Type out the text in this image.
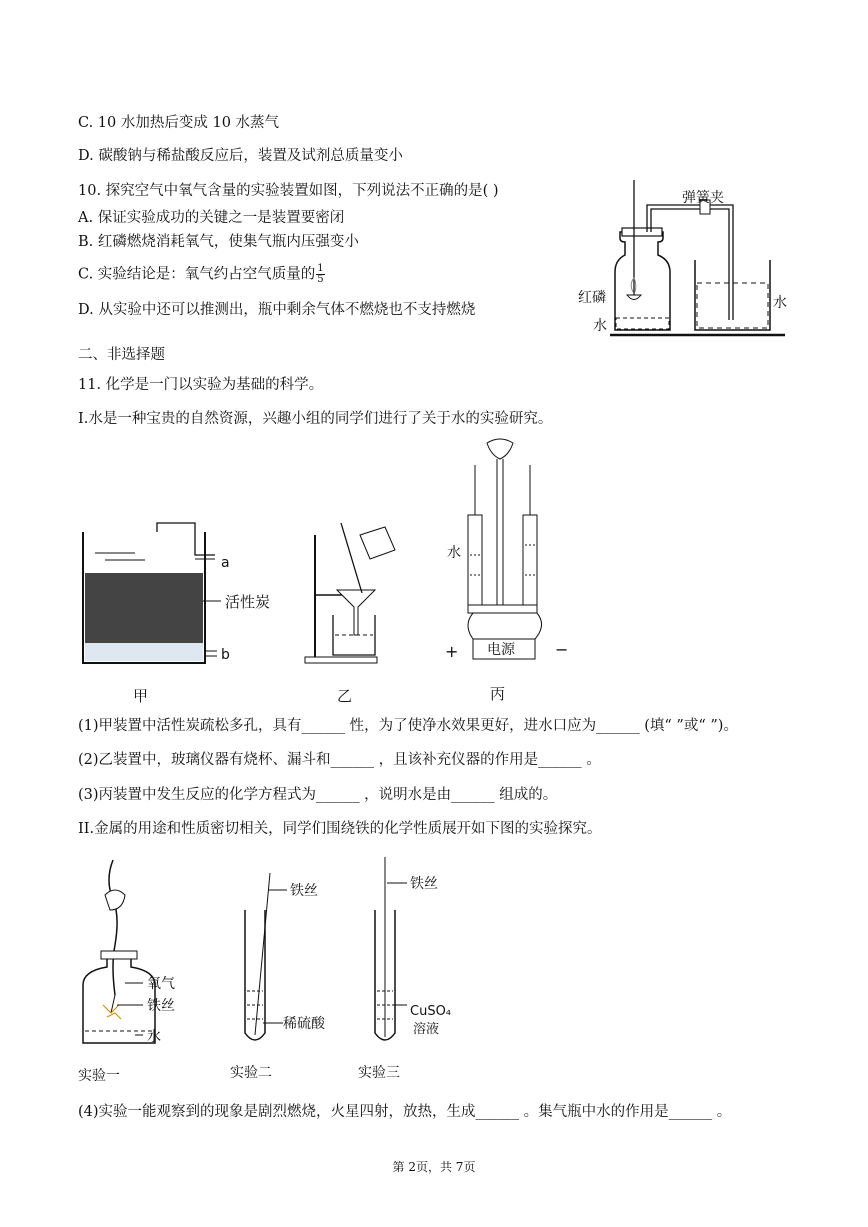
C. 10 水加热后变成 10 水蒸气
D. 碳酸钠与稀盐酸反应后，装置及试剂总质量变小
10. 探究空气中氧气含量的实验装置如图，下列说法不正确的是( )
A. 保证实验成功的关键之一是装置要密闭
B. 红磷燃烧消耗氧气，使集气瓶内压强变小
C. 实验结论是：氧气约占空气质量的 $\frac{1}{5}$
D. 从实验中还可以推测出，瓶中剩余气体不燃烧也不支持燃烧
二、非选择题
11. 化学是一门以实验为基础的科学。
I.水是一种宝贵的自然资源，兴趣小组的同学们进行了关于水的实验研究。
(1)甲装置中活性炭疏松多孔，具有______ 性，为了使净水效果更好，进水口应为______ (填“ ”或“ ”)。
(2)乙装置中，玻璃仪器有烧杯、漏斗和______ ，且该补充仪器的作用是______ 。
(3)丙装置中发生反应的化学方程式为______ ，说明水是由______ 组成的。
II.金属的用途和性质密切相关，同学们围绕铁的化学性质展开如下图的实验探究。
(4)实验一能观察到的现象是剧烈燃烧，火星四射，放热，生成______ 。集气瓶中水的作用是______ 。
弹簧夹
红磷
水
水
a
活性炭
b
甲	乙
水
电源
+	−
丙
氧气
铁丝
水
实验一
铁丝
稀硫酸
实验二
铁丝
CuSO₄
溶液
实验三
第 2页，共 7页
